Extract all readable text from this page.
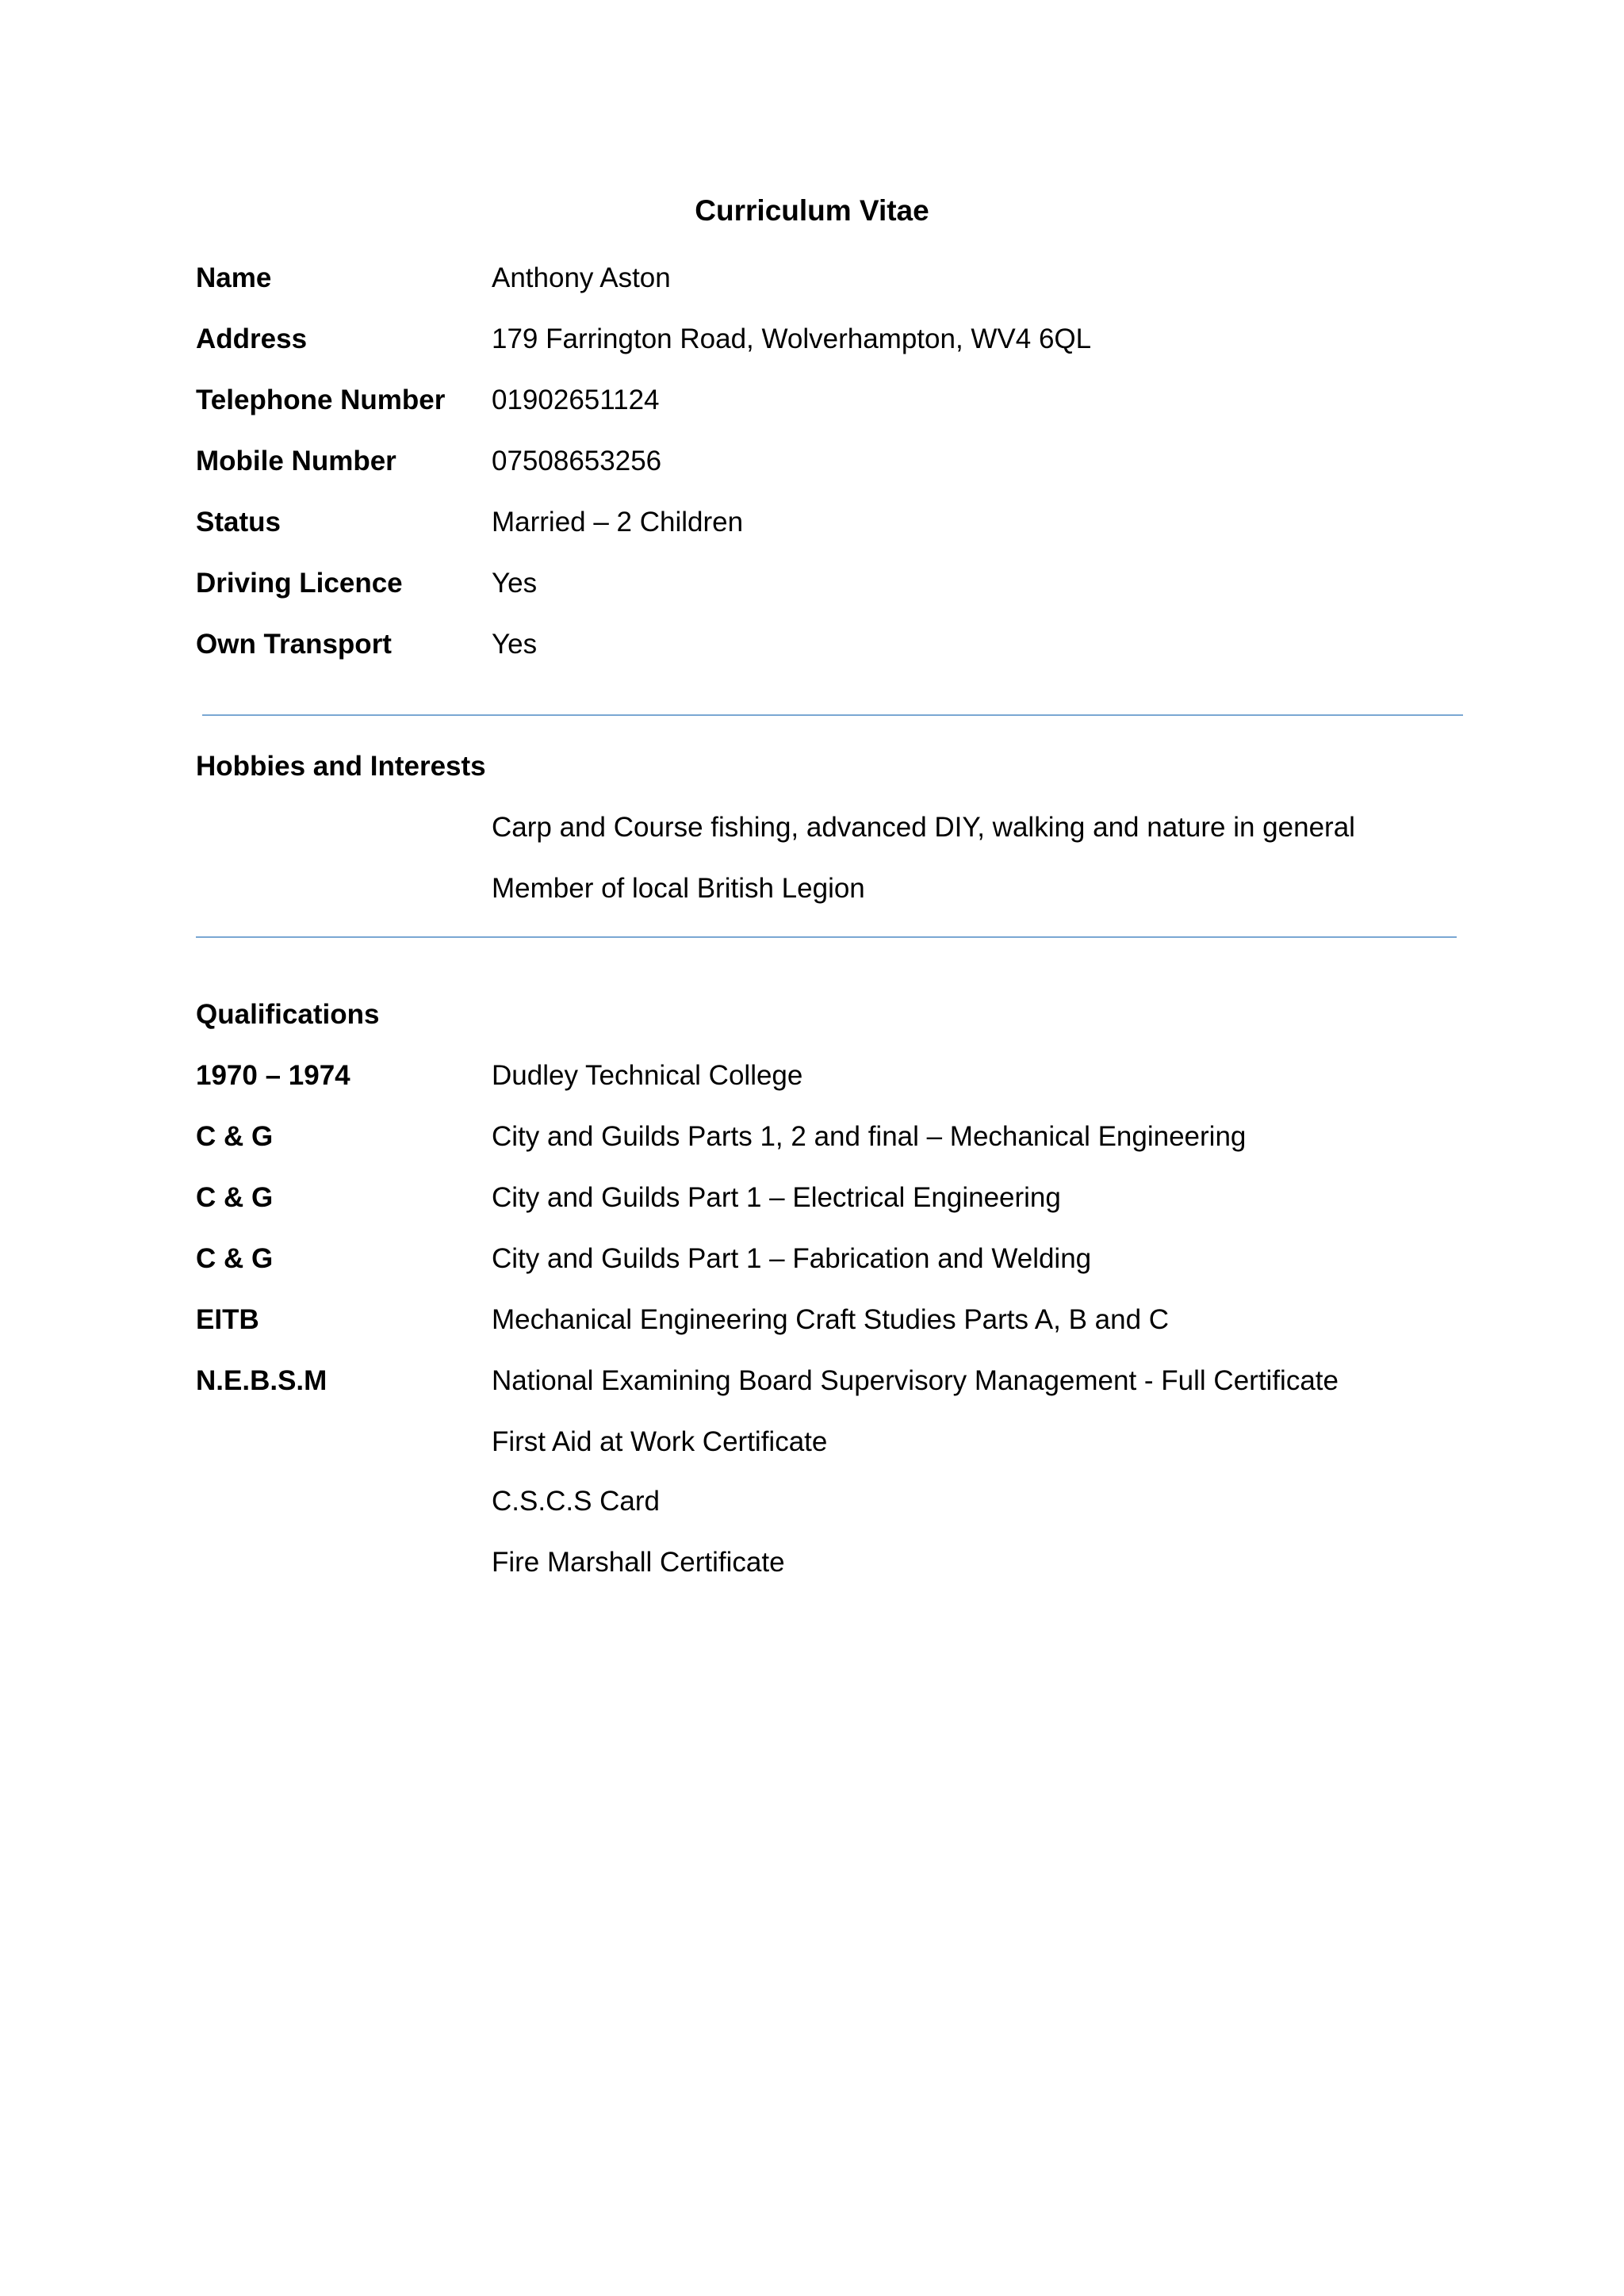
Curriculum Vitae
Name	Anthony Aston
Address	179 Farrington Road, Wolverhampton, WV4 6QL
Telephone Number 01902651124
Mobile Number	07508653256
Status	Married – 2 Children
Driving Licence	Yes
Own Transport	Yes
Hobbies and Interests
Carp and Course fishing, advanced DIY, walking and nature in general
Member of local British Legion
Qualifications
1970 – 1974	Dudley Technical College
C & G	City and Guilds Parts 1, 2 and final – Mechanical Engineering
C & G	City and Guilds Part 1 – Electrical Engineering
C & G	City and Guilds Part 1 – Fabrication and Welding
EITB	Mechanical Engineering Craft Studies Parts A, B and C
N.E.B.S.M	National Examining Board Supervisory Management - Full Certificate
First Aid at Work Certificate
C.S.C.S Card
Fire Marshall Certificate
